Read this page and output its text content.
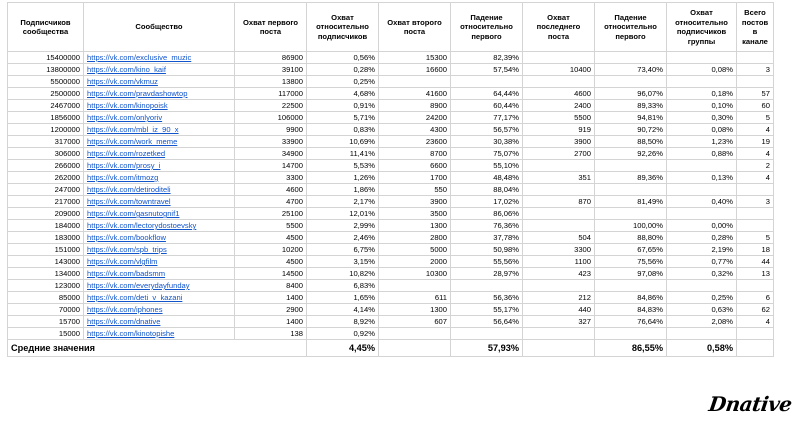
Подписчиков сообщества	Сообщество	Охват первого поста	Охват относительно подписчиков	Охват второго поста	Падение относительно первого	Охват последнего поста	Падение относительно первого	Охват относительно подписчиков группы	Всего постов в канале
15400000	https://vk.com/exclusive_muzic	86900	0,56%	15300	82,39%				
13800000	https://vk.com/kino_kaif	39100	0,28%	16600	57,54%	10400	73,40%	0,08%	3
5500000	https://vk.com/vkmuz	13800	0,25%						
2500000	https://vk.com/pravdashowtop	117000	4,68%	41600	64,44%	4600	96,07%	0,18%	57
2467000	https://vk.com/kinopoisk	22500	0,91%	8900	60,44%	2400	89,33%	0,10%	60
1856000	https://vk.com/onlyoriv	106000	5,71%	24200	77,17%	5500	94,81%	0,30%	5
1200000	https://vk.com/mbl_iz_90_x	9900	0,83%	4300	56,57%	919	90,72%	0,08%	4
317000	https://vk.com/work_meme	33900	10,69%	23600	30,38%	3900	88,50%	1,23%	19
306000	https://vk.com/rozetked	34900	11,41%	8700	75,07%	2700	92,26%	0,88%	4
266000	https://vk.com/prosy_i	14700	5,53%	6600	55,10%				2
262000	https://vk.com/itmozg	3300	1,26%	1700	48,48%	351	89,36%	0,13%	4
247000	https://vk.com/detiroditeli	4600	1,86%	550	88,04%				
217000	https://vk.com/towntravel	4700	2,17%	3900	17,02%	870	81,49%	0,40%	3
209000	https://vk.com/gasnutognif1	25100	12,01%	3500	86,06%				
184000	https://vk.com/lectorydostoevsky	5500	2,99%	1300	76,36%		100,00%	0,00%	
183000	https://vk.com/bookflow	4500	2,46%	2800	37,78%	504	88,80%	0,28%	5
151000	https://vk.com/spb_trips	10200	6,75%	5000	50,98%	3300	67,65%	2,19%	18
143000	https://vk.com/vlgfilm	4500	3,15%	2000	55,56%	1100	75,56%	0,77%	44
134000	https://vk.com/badsmm	14500	10,82%	10300	28,97%	423	97,08%	0,32%	13
123000	https://vk.com/everydayfunday	8400	6,83%						
85000	https://vk.com/deti_v_kazani	1400	1,65%	611	56,36%	212	84,86%	0,25%	6
70000	https://vk.com/iphones	2900	4,14%	1300	55,17%	440	84,83%	0,63%	62
15700	https://vk.com/dnative	1400	8,92%	607	56,64%	327	76,64%	2,08%	4
15000	https://vk.com/kinotopishe	138	0,92%						
Средние значения			4,45%		57,93%		86,55%	0,58%	
Dnative
